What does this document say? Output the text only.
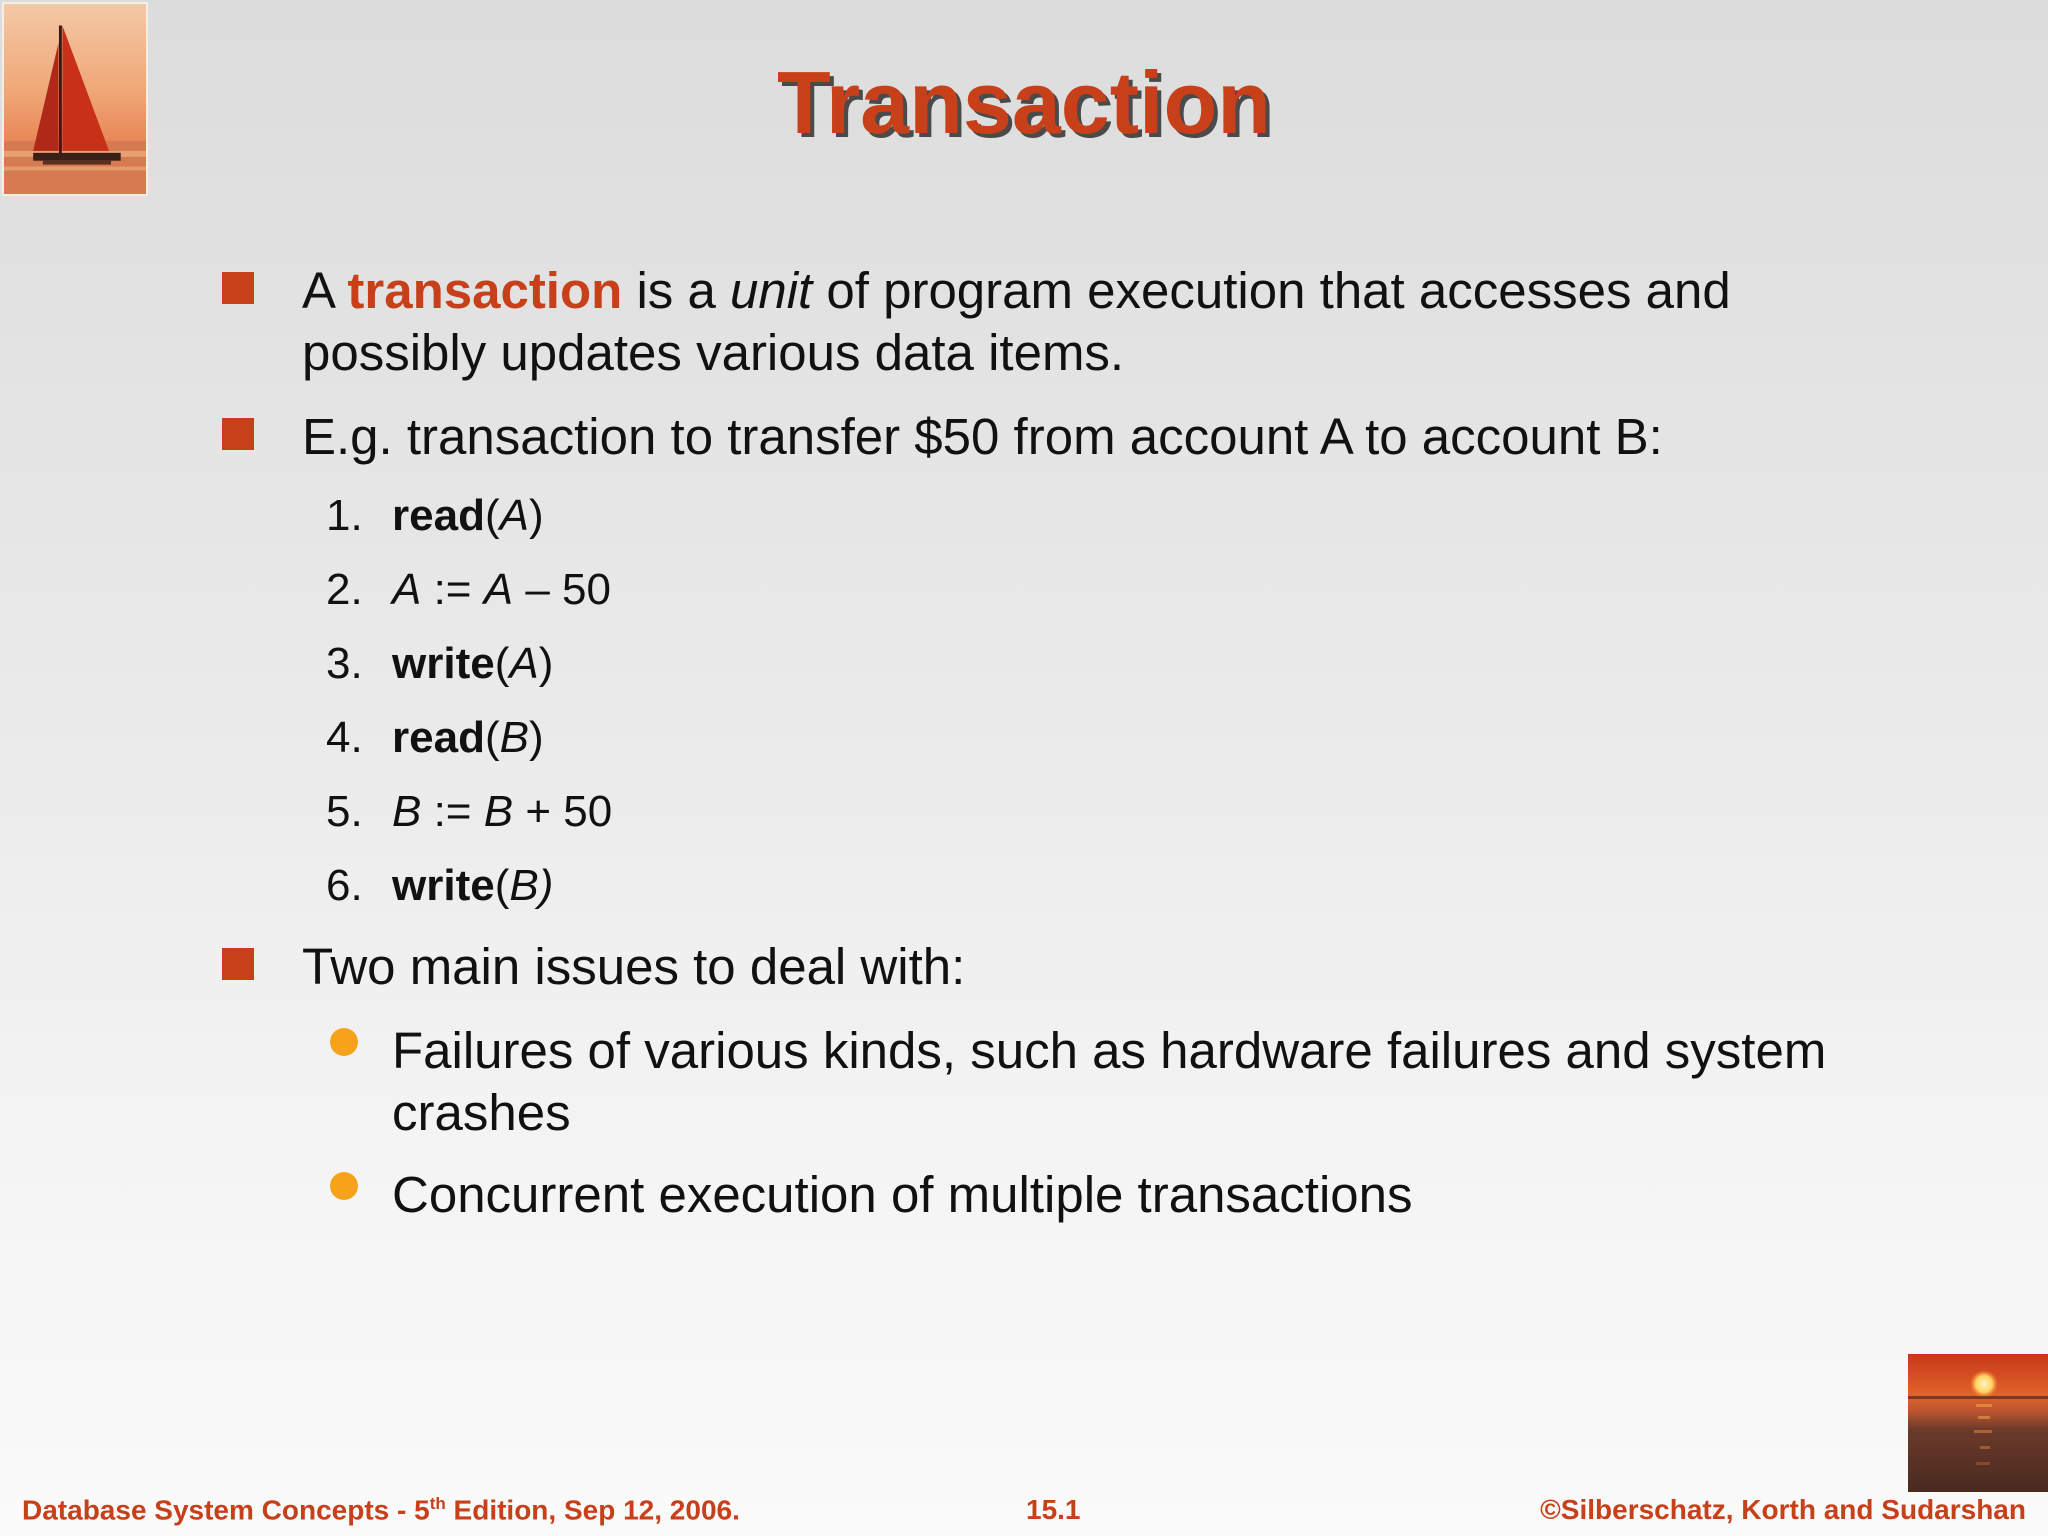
Transaction
A transaction is a unit of program execution that accesses and possibly updates various data items.
E.g. transaction to transfer $50 from account A to account B:
1. read(A)
2. A := A – 50
3. write(A)
4. read(B)
5. B := B + 50
6. write(B)
Two main issues to deal with:
Failures of various kinds, such as hardware failures and system crashes
Concurrent execution of multiple transactions
Database System Concepts - 5th Edition, Sep 12, 2006.	15.1	©Silberschatz, Korth and Sudarshan
